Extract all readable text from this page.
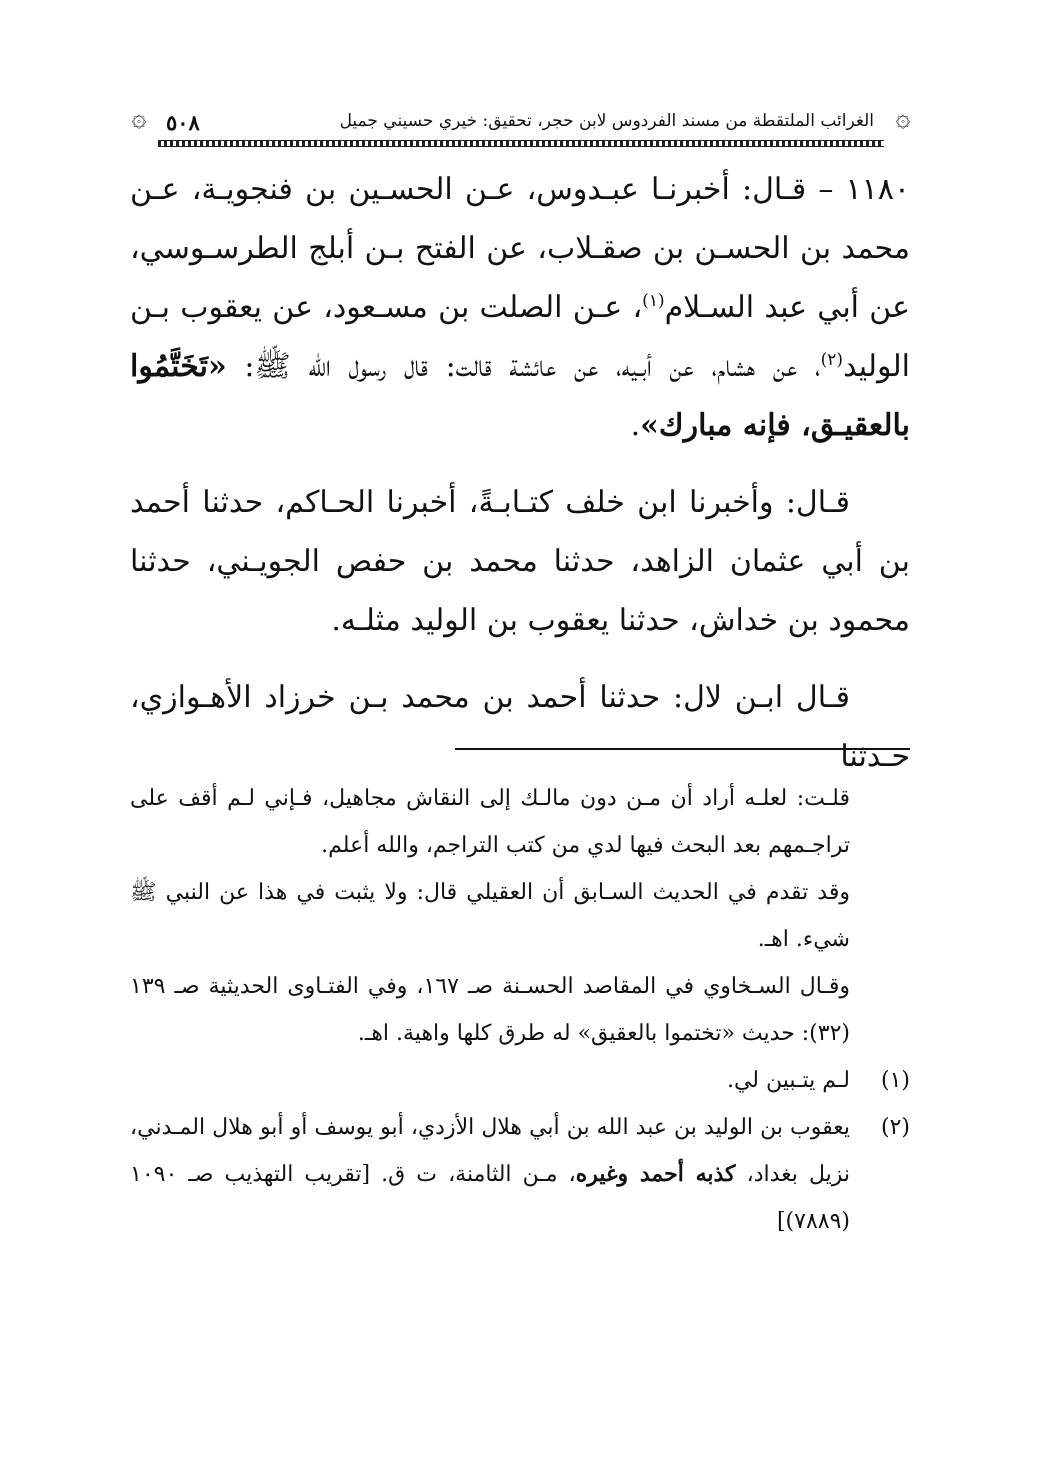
۞ ٥٠٨	الغرائب الملتقطة من مسند الفردوس لابن حجر، تحقيق: خيري حسيني جميل ۞

١١٨٠ – قـال: أخبرنـا عبـدوس، عـن الحسـين بن فنجويـة، عـن محمد بن الحسـن بن صقـلاب، عن الفتح بـن أبلج الطرسـوسي، عن أبي عبد السـلام$^{(١)}$، عـن الصلت بن مسـعود، عن يعقوب بـن الوليد$^{(٢)}$، عن هشام، عن أبـيه، عن عائشة قالت: قال رسول الله ﷺ: «تَخَتَّمُوا بالعقيـق، فإنه مبارك».

قـال: وأخبرنا ابن خلف كتـابـةً، أخبرنا الحـاكم، حدثنا أحمد بن أبي عثمان الزاهد، حدثنا محمد بن حفص الجويـني، حدثنا محمود بن خداش، حدثنا يعقوب بن الوليد مثلـه.

قـال ابـن لال: حدثنا أحمد بن محمد بـن خرزاد الأهـوازي، حـدثنا

قلـت: لعلـه أراد أن مـن دون مالـك إلى النقاش مجاهيل، فـإني لـم أقف على تراجـمهم بعد البحث فيها لدي من كتب التراجم، والله أعلم.

وقد تقدم في الحديث السـابق أن العقيلي قال: ولا يثبت في هذا عن النبي ﷺ شيء. اهـ.

وقـال السـخاوي في المقاصد الحسـنة صـ ١٦٧، وفي الفتـاوى الحديثية صـ ١٣٩ (٣٢): حديث «تختموا بالعقيق» له طرق كلها واهية. اهـ.

(١)
لـم يتـبين لي.
(٢)
يعقوب بن الوليد بن عبد الله بن أبي هلال الأزدي، أبو يوسف أو أبو هلال المـدني، نزيل بغداد، كذبه أحمد وغيره، مـن الثامنة، ت ق. [تقريب التهذيب صـ ١٠٩٠ (٧٨٨٩)]
